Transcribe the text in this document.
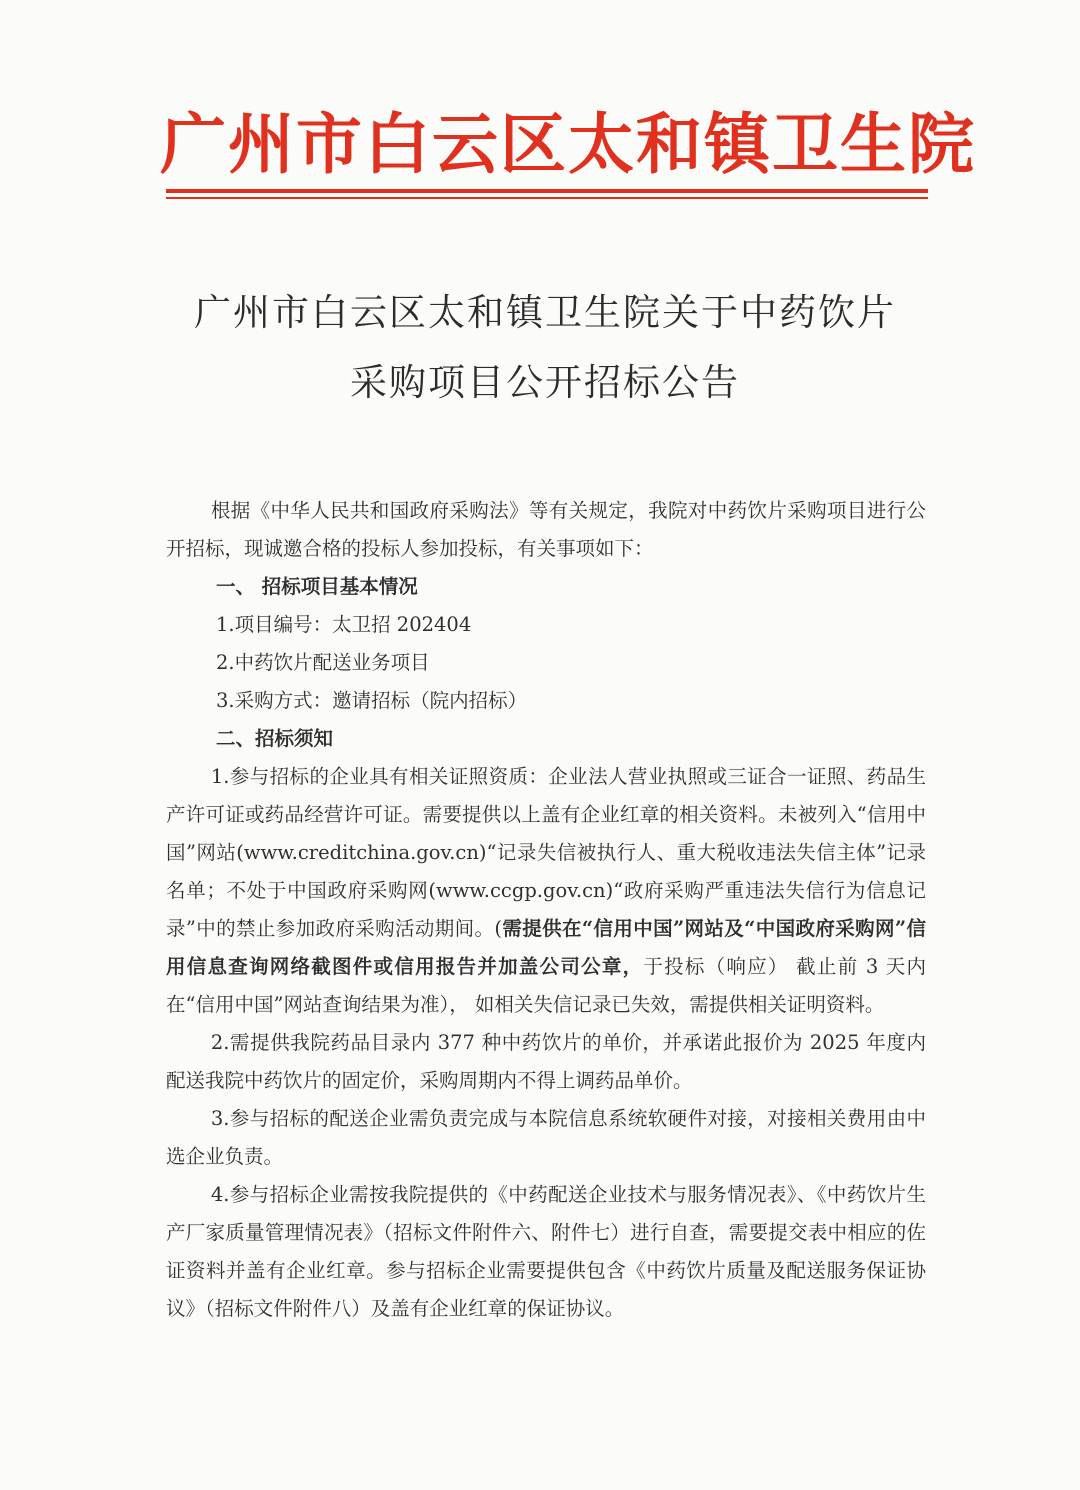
广州市白云区太和镇卫生院
广州市白云区太和镇卫生院关于中药饮片
采购项目公开招标公告

根据《中华人民共和国政府采购法》等有关规定，我院对中药饮片采购项目进行公开招标，现诚邀合格的投标人参加投标，有关事项如下：

一、 招标项目基本情况

1.项目编号：太卫招 202404

2.中药饮片配送业务项目

3.采购方式：邀请招标（院内招标）

二、招标须知

1.参与招标的企业具有相关证照资质：企业法人营业执照或三证合一证照、药品生产许可证或药品经营许可证。需要提供以上盖有企业红章的相关资料。未被列入“信用中国”网站(www.creditchina.gov.cn)“记录失信被执行人、重大税收违法失信主体”记录名单；不处于中国政府采购网(www.ccgp.gov.cn)“政府采购严重违法失信行为信息记录”中的禁止参加政府采购活动期间。(需提供在“信用中国”网站及“中国政府采购网”信用信息查询网络截图件或信用报告并加盖公司公章，于投标（响应） 截止前 3 天内在“信用中国”网站查询结果为准）， 如相关失信记录已失效，需提供相关证明资料。

2.需提供我院药品目录内 377 种中药饮片的单价，并承诺此报价为 2025 年度内配送我院中药饮片的固定价，采购周期内不得上调药品单价。

3.参与招标的配送企业需负责完成与本院信息系统软硬件对接，对接相关费用由中选企业负责。

4.参与招标企业需按我院提供的《中药配送企业技术与服务情况表》、《中药饮片生产厂家质量管理情况表》（招标文件附件六、附件七）进行自查，需要提交表中相应的佐证资料并盖有企业红章。参与招标企业需要提供包含《中药饮片质量及配送服务保证协议》（招标文件附件八）及盖有企业红章的保证协议。
